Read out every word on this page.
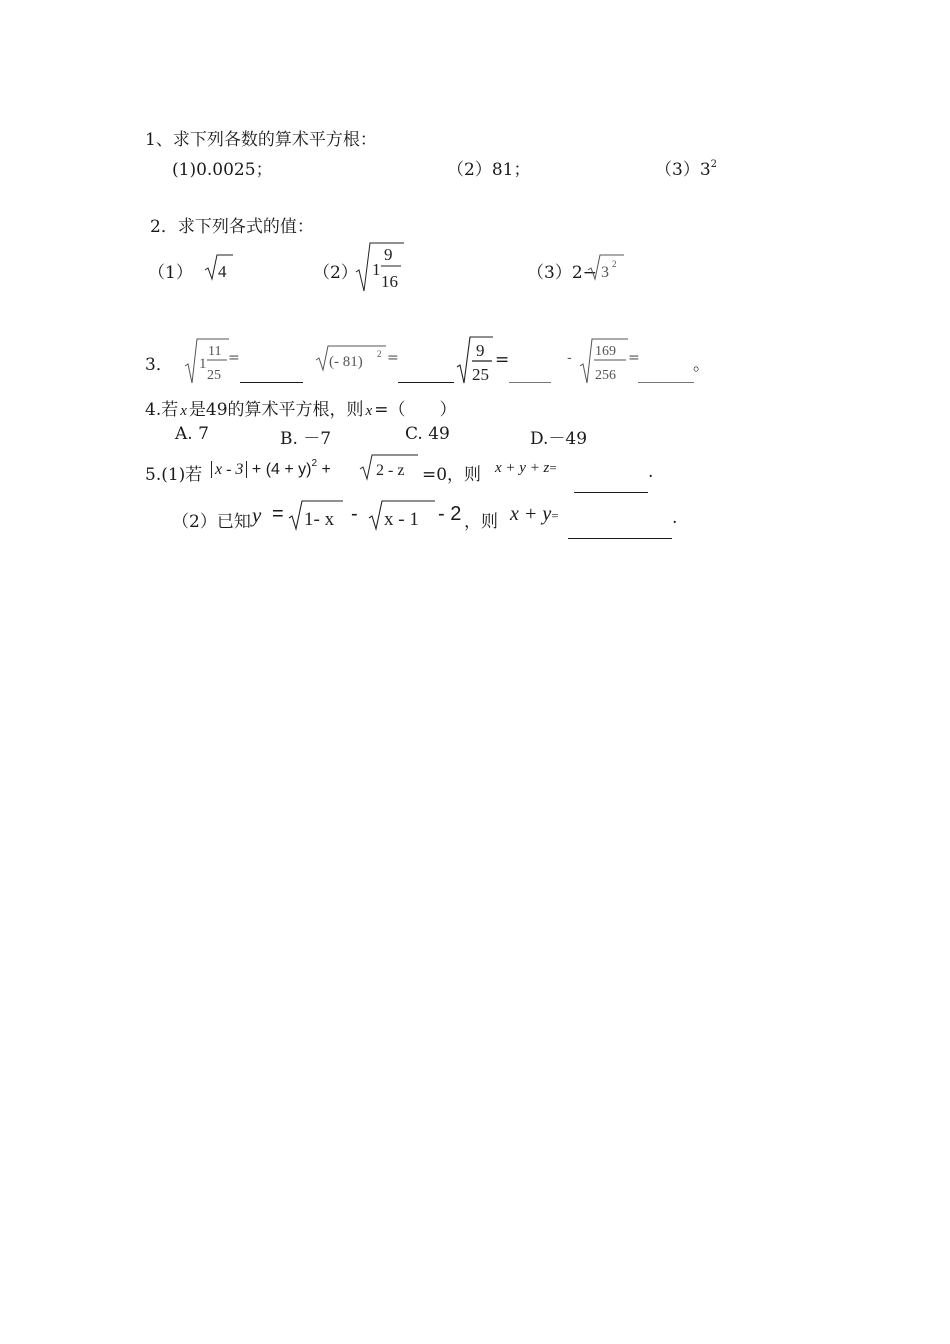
1、求下列各数的算术平方根：
(1)0.0025；	（2）81；	$(3)3^2$
2．求下列各式的值：
（1） 4	（2） 1
9
16	（3）2− 3 2
3． 1
11
25
=	(- 81) 2 =	9
25
=	- 169
256
=	。
4.若 x 是49的算术平方根，则 x =（　　）
A. 7	B. －7	C. 49	D.－49
5.(1)若 $x - 3 + (4 + y)^2$ +	2 - z =0，则 x + y + z=	.
（2）已知 y = 1- x - x - 1 - 2 ，则 x + y=	.
